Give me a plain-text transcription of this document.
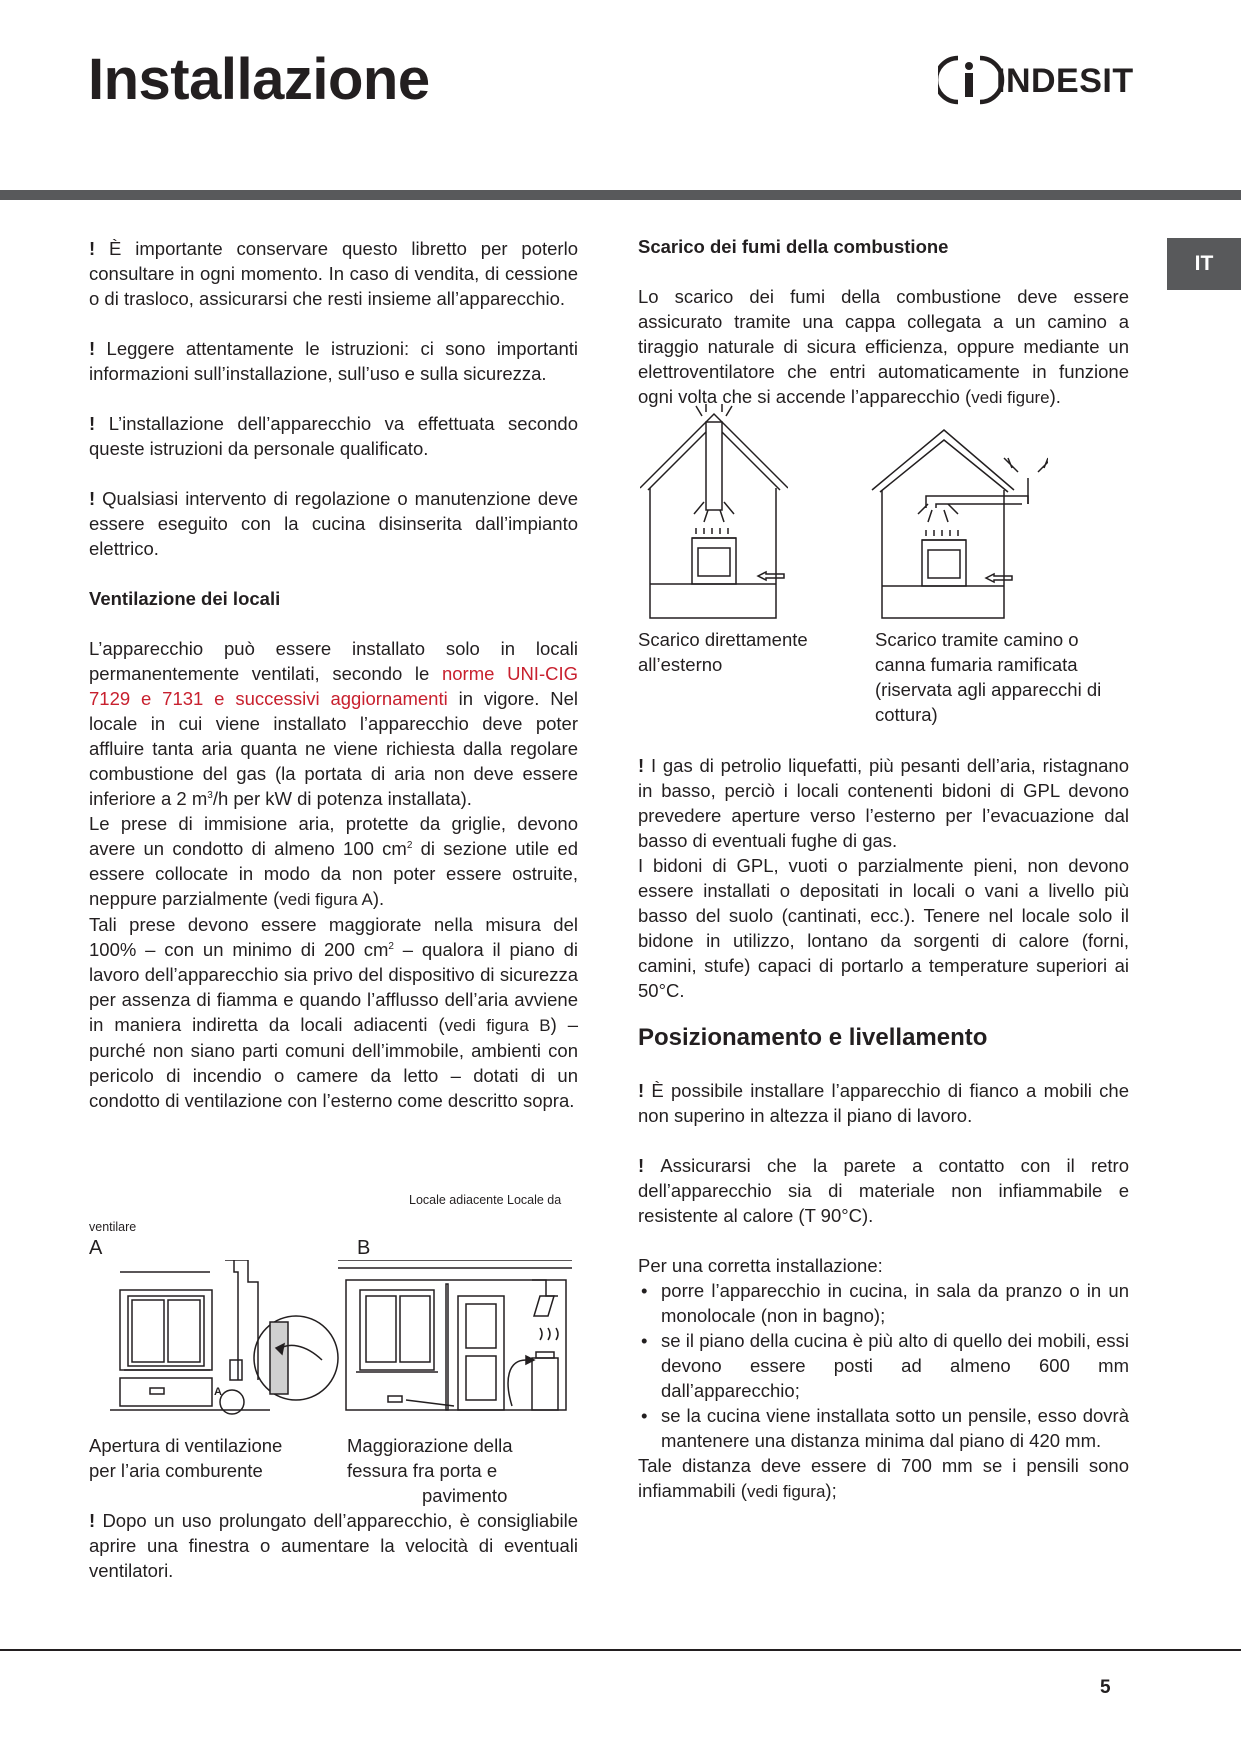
Installazione	INDESIT
IT

! È importante conservare questo libretto per poterlo consultare in ogni momento. In caso di vendita, di cessione o di trasloco, assicurarsi che resti insieme all’apparecchio.

! Leggere attentamente le istruzioni: ci sono importanti informazioni sull’installazione, sull’uso e sulla sicurezza.

! L’installazione dell’apparecchio va effettuata secondo queste istruzioni da personale qualificato.

! Qualsiasi intervento di regolazione o manutenzione deve essere eseguito con la cucina disinserita dall’impianto elettrico.

Ventilazione dei locali

L’apparecchio può essere installato solo in locali permanentemente ventilati, secondo le norme UNI-CIG 7129 e 7131 e successivi aggiornamenti in vigore. Nel locale in cui viene installato l’apparecchio deve poter affluire tanta aria quanta ne viene richiesta dalla regolare combustione del gas (la portata di aria non deve essere inferiore a 2 $m^3/h$ per kW di potenza installata).

Le prese di immisione aria, protette da griglie, devono avere un condotto di almeno 100 $cm^2$ di sezione utile ed essere collocate in modo da non poter essere ostruite, neppure parzialmente (vedi figura A).

Tali prese devono essere maggiorate nella misura del 100% – con un minimo di 200 $cm^2$ – qualora il piano di lavoro dell’apparecchio sia privo del dispositivo di sicurezza per assenza di fiamma e quando l’afflusso dell’aria avviene in maniera indiretta da locali adiacenti (vedi figura B) – purché non siano parti comuni dell’immobile, ambienti con pericolo di incendio o camere da letto – dotati di un condotto di ventilazione con l’esterno come descritto sopra.

Locale adiacente Locale da
ventilare
A	B
A
Apertura di ventilazione per l’aria comburente
Maggiorazione della fessura fra porta e
pavimento
! Dopo un uso prolungato dell’apparecchio, è consigliabile aprire una finestra o aumentare la velocità di eventuali ventilatori.

Scarico dei fumi della combustione

Lo scarico dei fumi della combustione deve essere assicurato tramite una cappa collegata a un camino a tiraggio naturale di sicura efficienza, oppure mediante un elettroventilatore che entri automaticamente in funzione ogni volta che si accende l’apparecchio (vedi figure).

Scarico direttamente all’esterno
Scarico tramite camino o canna fumaria ramificata (riservata agli apparecchi di cottura)

! I gas di petrolio liquefatti, più pesanti dell’aria, ristagnano in basso, perciò i locali contenenti bidoni di GPL devono prevedere aperture verso l’esterno per l’evacuazione dal basso di eventuali fughe di gas.

I bidoni di GPL, vuoti o parzialmente pieni, non devono essere installati o depositati in locali o vani a livello più basso del suolo (cantinati, ecc.). Tenere nel locale solo il bidone in utilizzo, lontano da sorgenti di calore (forni, camini, stufe) capaci di portarlo a temperature superiori ai 50°C.

Posizionamento e livellamento

! È possibile installare l’apparecchio di fianco a mobili che non superino in altezza il piano di lavoro.

! Assicurarsi che la parete a contatto con il retro dell’apparecchio sia di materiale non infiammabile e resistente al calore (T 90°C).

Per una corretta installazione:

• porre l’apparecchio in cucina, in sala da pranzo o in un monolocale (non in bagno);
• se il piano della cucina è più alto di quello dei mobili, essi devono essere posti ad almeno 600 mm dall’apparecchio;
• se la cucina viene installata sotto un pensile, esso dovrà mantenere una distanza minima dal piano di 420 mm.

Tale distanza deve essere di 700 mm se i pensili sono infiammabili (vedi figura);

5
